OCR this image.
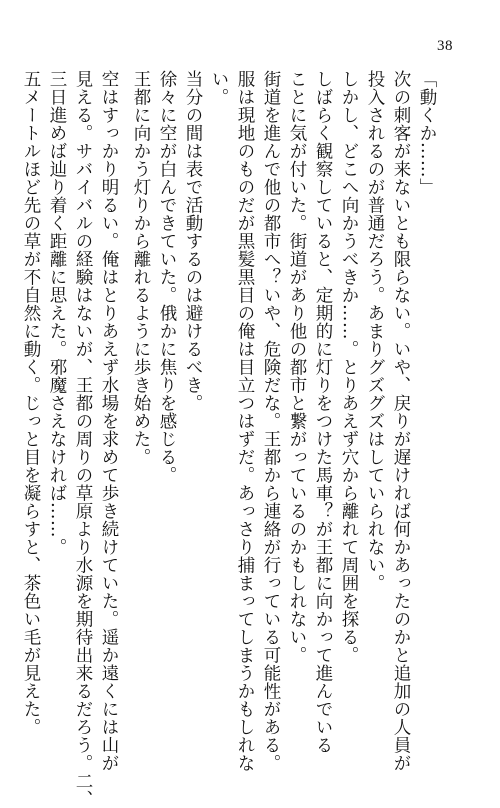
38
「動くか……」
次の刺客が来ないとも限らない。いや、戻りが遅ければ何かあったのかと追加の人員が
投入されるのが普通だろう。あまりグズグズはしていられない。
しかし、どこへ向かうべきか……。とりあえず穴から離れて周囲を探る。
しばらく観察していると、定期的に灯りをつけた馬車？が王都に向かって進んでいる
ことに気が付いた。街道があり他の都市と繋がっているのかもしれない。
街道を進んで他の都市へ？いや、危険だな。王都から連絡が行っている可能性がある。
服は現地のものだが黒髪黒目の俺は目立つはずだ。あっさり捕まってしまうかもしれな
い。
当分の間は表で活動するのは避けるべき。
徐々に空が白んできていた。俄かに焦りを感じる。
王都に向かう灯りから離れるように歩き始めた。
空はすっかり明るい。俺はとりあえず水場を求めて歩き続けていた。遥か遠くには山が
見える。サバイバルの経験はないが、王都の周りの草原より水源を期待出来るだろう。二、
三日進めば辿り着く距離に思えた。邪魔さえなければ……。
五メートルほど先の草が不自然に動く。じっと目を凝らすと、茶色い毛が見えた。
